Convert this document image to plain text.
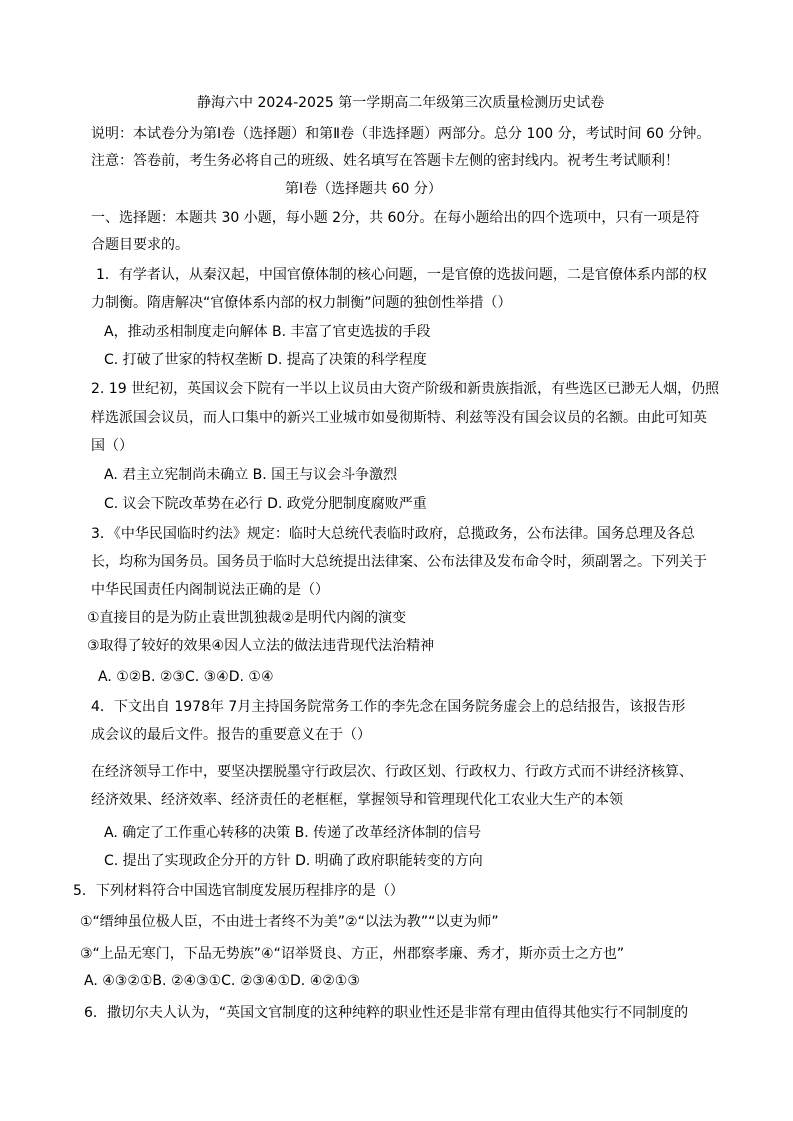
静海六中 2024-2025 第一学期高二年级第三次质量检测历史试卷
说明：本试卷分为第Ⅰ卷（选择题）和第Ⅱ卷（非选择题）两部分。总分 100 分，考试时间 60 分钟。
注意：答卷前，考生务必将自己的班级、姓名填写在答题卡左侧的密封线内。祝考生考试顺利！
第Ⅰ卷（选择题共 60 分）
一、选择题：本题共 30 小题，每小题 2分，共 60分。在每小题给出的四个选项中，只有一项是符
合题目要求的。
1．有学者认，从秦汉起，中国官僚体制的核心问题，一是官僚的选拔问题，二是官僚体系内部的权
力制衡。隋唐解决“官僚体系内部的权力制衡”问题的独创性举措（）
A，推动丞相制度走向解体 B. 丰富了官吏选拔的手段
C. 打破了世家的特权垄断 D. 提高了决策的科学程度
2. 19 世纪初，英国议会下院有一半以上议员由大资产阶级和新贵族指派，有些选区已渺无人烟，仍照
样选派国会议员，而人口集中的新兴工业城市如曼彻斯特、利兹等没有国会议员的名额。由此可知英
国（）
A. 君主立宪制尚未确立 B. 国王与议会斗争激烈
C. 议会下院改革势在必行 D. 政党分肥制度腐败严重
3．《中华民国临时约法》规定：临时大总统代表临时政府，总揽政务，公布法律。国务总理及各总
长，均称为国务员。国务员于临时大总统提出法律案、公布法律及发布命令时，须副署之。下列关于
中华民国责任内阁制说法正确的是（）
①直接目的是为防止袁世凯独裁②是明代内阁的演变
③取得了较好的效果④因人立法的做法违背现代法治精神
A. ①②B. ②③C. ③④D. ①④
4．下文出自 1978年 7月主持国务院常务工作的李先念在国务院务虚会上的总结报告，该报告形
成会议的最后文件。报告的重要意义在于（）
在经济领导工作中，要坚决摆脱墨守行政层次、行政区划、行政权力、行政方式而不讲经济核算、
经济效果、经济效率、经济责任的老框框，掌握领导和管理现代化工农业大生产的本领
A. 确定了工作重心转移的决策 B. 传递了改革经济体制的信号
C. 提出了实现政企分开的方针 D. 明确了政府职能转变的方向
5．下列材料符合中国选官制度发展历程排序的是（）
①“缙绅虽位极人臣，不由进士者终不为美”②“以法为教”“以吏为师”
③“上品无寒门，下品无势族”④“诏举贤良、方正，州郡察孝廉、秀才，斯亦贡士之方也”
A. ④③②①B. ②④③①C. ②③④①D. ④②①③
6．撒切尔夫人认为，“英国文官制度的这种纯粹的职业性还是非常有理由值得其他实行不同制度的
